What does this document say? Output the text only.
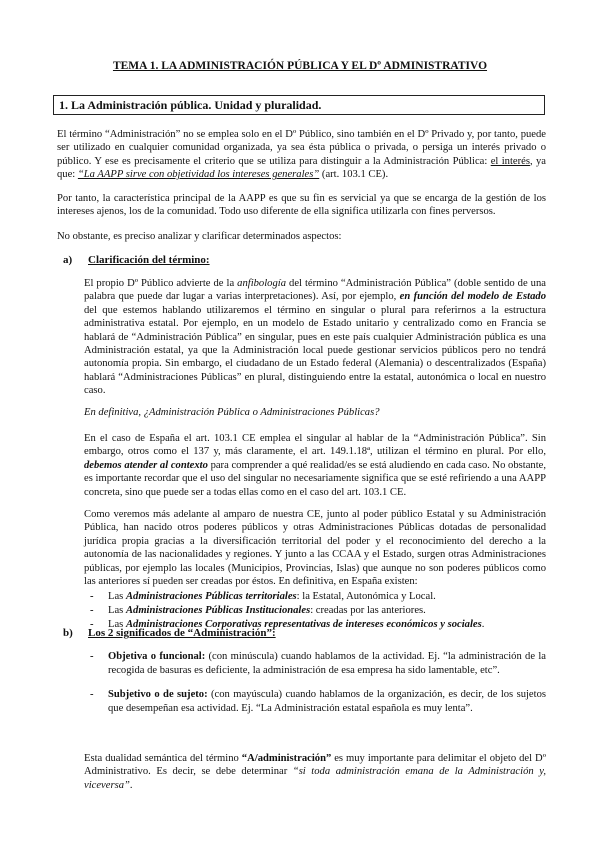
TEMA 1. LA ADMINISTRACIÓN PÚBLICA Y EL Dº ADMINISTRATIVO
1. La Administración pública. Unidad y pluralidad.

El término “Administración” no se emplea solo en el Dº Público, sino también en el Dº Privado y, por tanto, puede ser utilizado en cualquier comunidad organizada, ya sea ésta pública o privada, o persiga un interés privado o público. Y ese es precisamente el criterio que se utiliza para distinguir a la Administración Pública: el interés, ya que: “La AAPP sirve con objetividad los intereses generales” (art. 103.1 CE).

Por tanto, la característica principal de la AAPP es que su fin es servicial ya que se encarga de la gestión de los intereses ajenos, los de la comunidad. Todo uso diferente de ella significa utilizarla con fines perversos.

No obstante, es preciso analizar y clarificar determinados aspectos:

a) Clarificación del término:

El propio Dº Público advierte de la anfibología del término “Administración Pública” (doble sentido de una palabra que puede dar lugar a varias interpretaciones). Así, por ejemplo, en función del modelo de Estado del que estemos hablando utilizaremos el término en singular o plural para referirnos a la estructura administrativa estatal. Por ejemplo, en un modelo de Estado unitario y centralizado como en Francia se hablará de “Administración Pública” en singular, pues en este país cualquier Administración pública es una Administración estatal, ya que la Administración local puede gestionar servicios públicos pero no tendrá autonomía propia. Sin embargo, el ciudadano de un Estado federal (Alemania) o descentralizados (España) hablará “Administraciones Públicas” en plural, distinguiendo entre la estatal, autonómica o local en nuestro caso.

En definitiva, ¿Administración Pública o Administraciones Públicas?

En el caso de España el art. 103.1 CE emplea el singular al hablar de la “Administración Pública”. Sin embargo, otros como el 137 y, más claramente, el art. 149.1.18ª, utilizan el término en plural. Por ello, debemos atender al contexto para comprender a qué realidad/es se está aludiendo en cada caso. No obstante, es importante recordar que el uso del singular no necesariamente significa que se esté refiriendo a una AAPP concreta, sino que puede ser a todas ellas como en el caso del art. 103.1 CE.

Como veremos más adelante al amparo de nuestra CE, junto al poder público Estatal y su Administración Pública, han nacido otros poderes públicos y otras Administraciones Públicas dotadas de personalidad jurídica propia gracias a la diversificación territorial del poder y el reconocimiento del derecho a la autonomía de las nacionalidades y regiones. Y junto a las CCAA y el Estado, surgen otras Administraciones públicas, por ejemplo las locales (Municipios, Provincias, Islas) que aunque no son poderes públicos como las anteriores sí pueden ser creadas por éstos. En definitiva, en España existen:

- Las Administraciones Públicas territoriales: la Estatal, Autonómica y Local.
- Las Administraciones Públicas Institucionales: creadas por las anteriores.
- Las Administraciones Corporativas representativas de intereses económicos y sociales.
b) Los 2 significados de “Administración”:
- Objetiva o funcional: (con minúscula) cuando hablamos de la actividad. Ej. “la administración de la recogida de basuras es deficiente, la administración de esa empresa ha sido lamentable, etc”.
- Subjetivo o de sujeto: (con mayúscula) cuando hablamos de la organización, es decir, de los sujetos que desempeñan esa actividad. Ej. “La Administración estatal española es muy lenta”.

Esta dualidad semántica del término “A/administración” es muy importante para delimitar el objeto del Dº Administrativo. Es decir, se debe determinar “si toda administración emana de la Administración y, viceversa”.
